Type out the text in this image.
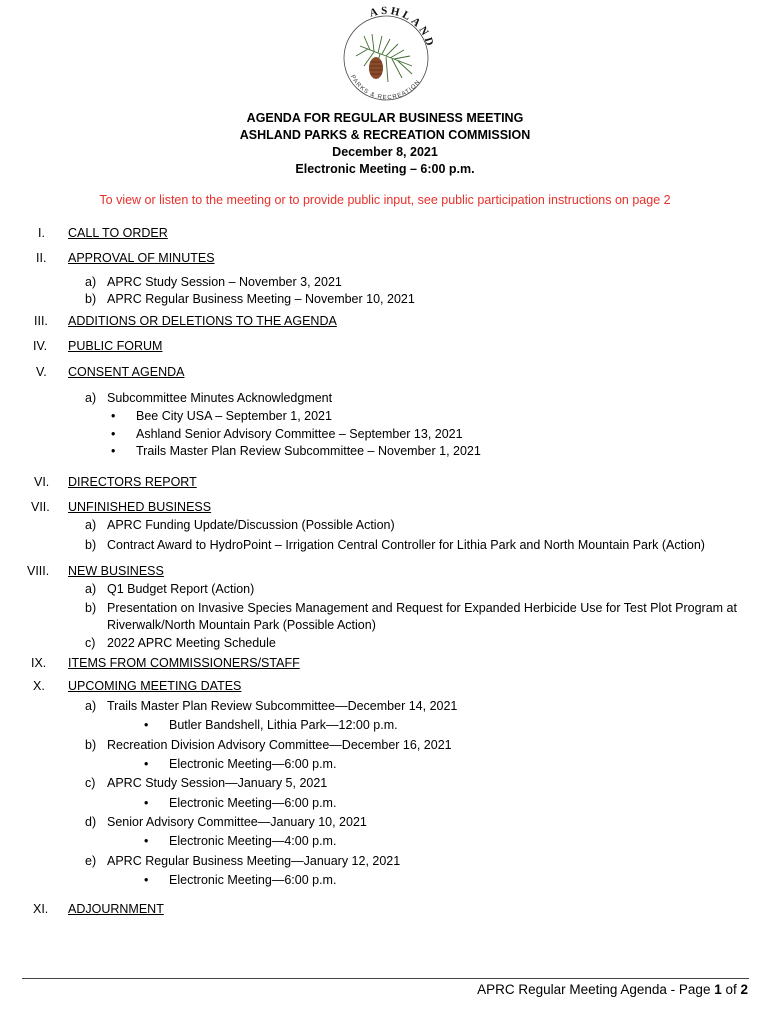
ASHLAND
PARKS & RECREATION
AGENDA FOR REGULAR BUSINESS MEETING
ASHLAND PARKS & RECREATION COMMISSION
December 8, 2021
Electronic Meeting – 6:00 p.m.
To view or listen to the meeting or to provide public input, see public participation instructions on page 2
I.	CALL TO ORDER
II.	APPROVAL OF MINUTES
a) APRC Study Session – November 3, 2021
b) APRC Regular Business Meeting – November 10, 2021
III.	ADDITIONS OR DELETIONS TO THE AGENDA
IV.	PUBLIC FORUM
V.	CONSENT AGENDA
a) Subcommittee Minutes Acknowledgment
• Bee City USA – September 1, 2021
• Ashland Senior Advisory Committee – September 13, 2021
• Trails Master Plan Review Subcommittee – November 1, 2021
VI.	DIRECTORS REPORT
VII.	UNFINISHED BUSINESS
a) APRC Funding Update/Discussion (Possible Action)
b) Contract Award to HydroPoint – Irrigation Central Controller for Lithia Park and North Mountain Park (Action)
VIII.	NEW BUSINESS
a) Q1 Budget Report (Action)
b) Presentation on Invasive Species Management and Request for Expanded Herbicide Use for Test Plot Program at
Riverwalk/North Mountain Park (Possible Action)
c) 2022 APRC Meeting Schedule
IX.	ITEMS FROM COMMISSIONERS/STAFF
X.	UPCOMING MEETING DATES
a) Trails Master Plan Review Subcommittee—December 14, 2021
• Butler Bandshell, Lithia Park—12:00 p.m.
b) Recreation Division Advisory Committee—December 16, 2021
• Electronic Meeting—6:00 p.m.
c) APRC Study Session—January 5, 2021
• Electronic Meeting—6:00 p.m.
d) Senior Advisory Committee—January 10, 2021
• Electronic Meeting—4:00 p.m.
e) APRC Regular Business Meeting—January 12, 2021
• Electronic Meeting—6:00 p.m.
XI.	ADJOURNMENT
APRC Regular Meeting Agenda - Page 1 of 2
